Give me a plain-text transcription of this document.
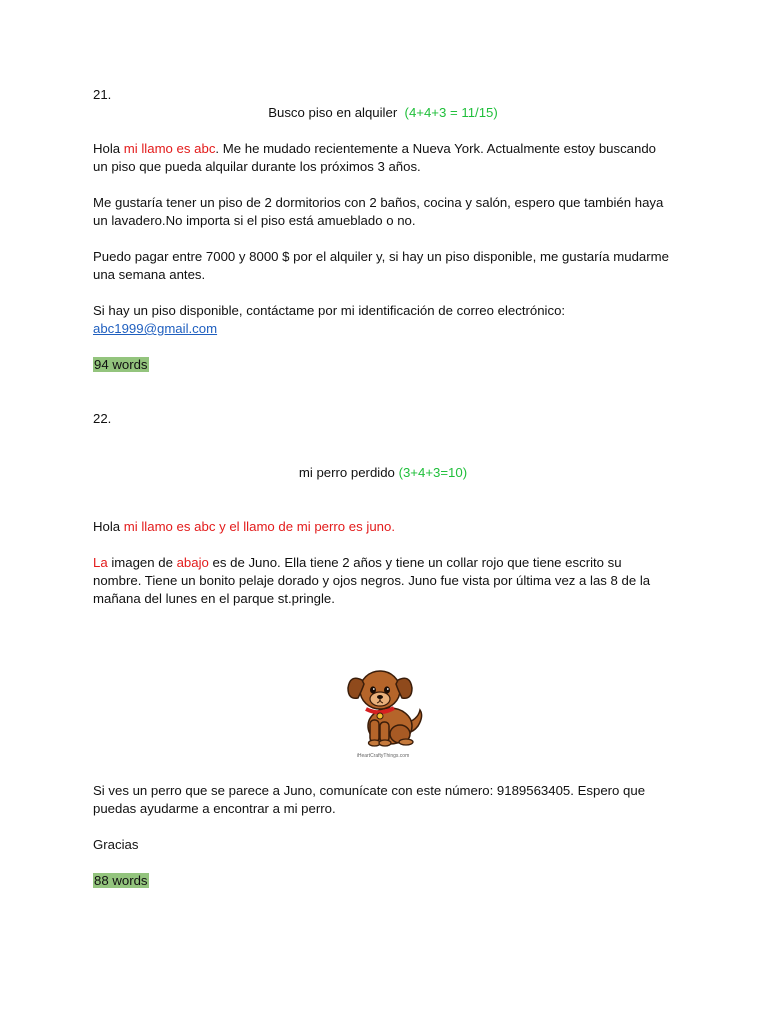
21.

Busco piso en alquiler (4+4+3 = 11/15)

Hola mi llamo es abc. Me he mudado recientemente a Nueva York. Actualmente estoy buscando un piso que pueda alquilar durante los próximos 3 años.

Me gustaría tener un piso de 2 dormitorios con 2 baños, cocina y salón, espero que también haya un lavadero.No importa si el piso está amueblado o no.

Puedo pagar entre 7000 y 8000 $ por el alquiler y, si hay un piso disponible, me gustaría mudarme una semana antes.

Si hay un piso disponible, contáctame por mi identificación de correo electrónico:

abc1999@gmail.com

94 words

22.

mi perro perdido (3+4+3=10)

Hola mi llamo es abc y el llamo de mi perro es juno.

La imagen de abajo es de Juno. Ella tiene 2 años y tiene un collar rojo que tiene escrito su nombre. Tiene un bonito pelaje dorado y ojos negros. Juno fue vista por última vez a las 8 de la mañana del lunes en el parque st.pringle.

iHeartCraftyThings.com

Si ves un perro que se parece a Juno, comunícate con este número: 9189563405. Espero que puedas ayudarme a encontrar a mi perro.

Gracias

88 words
